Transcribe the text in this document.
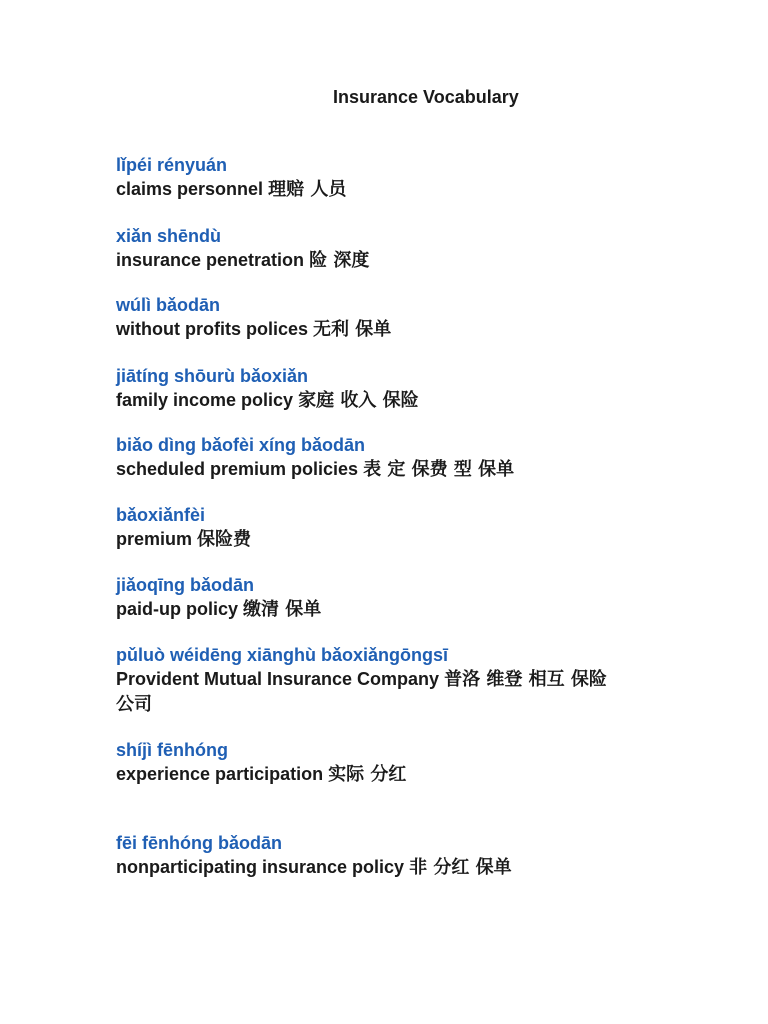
Insurance Vocabulary
lǐpéi rényuán
claims personnel 理赔 人员
xiǎn shēndù
insurance penetration 险 深度
wúlì bǎodān
without profits polices 无利 保单
jiātíng shōurù bǎoxiǎn
family income policy 家庭 收入 保险
biǎo dìng bǎofèi xíng bǎodān
scheduled premium policies 表 定 保费 型 保单
bǎoxiǎnfèi
premium 保险费
jiǎoqīng bǎodān
paid-up policy 缴清 保单
pǔluò wéidēng xiānghù bǎoxiǎngōngsī
Provident Mutual Insurance Company 普洛 维登 相互 保险公司
shíjì fēnhóng
experience participation 实际 分红
fēi fēnhóng bǎodān
nonparticipating insurance policy 非 分红 保单
